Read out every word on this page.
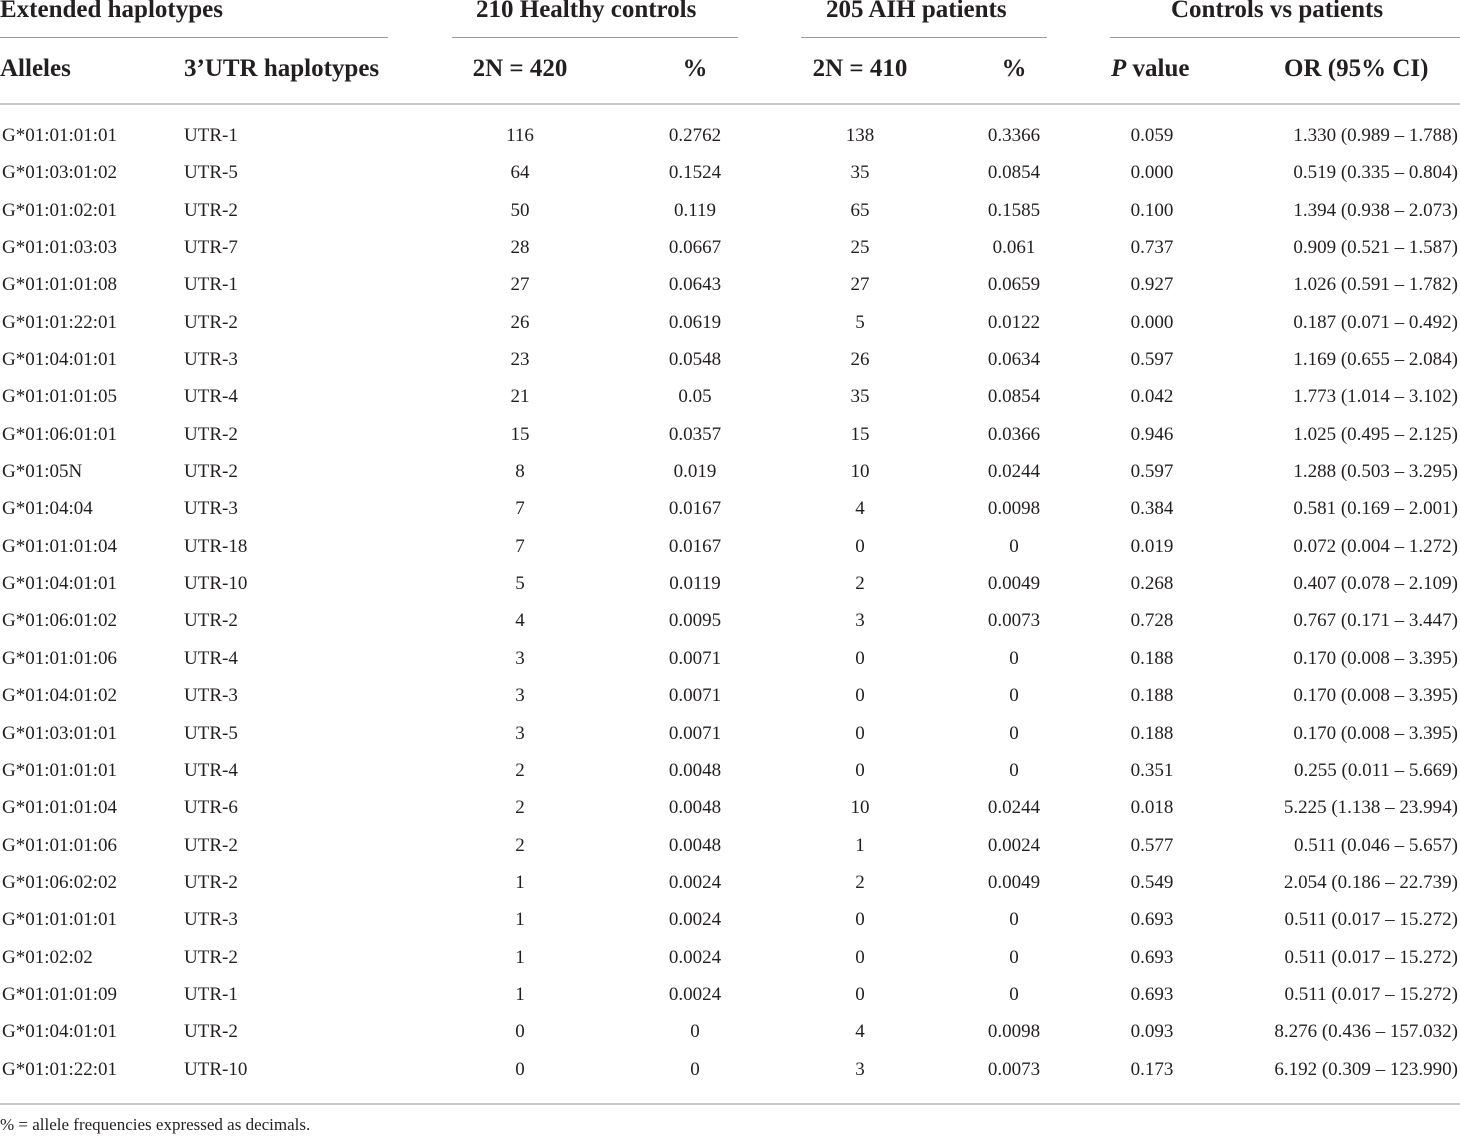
Extended haplotypes	210 Healthy controls	205 AIH patients	Controls vs patients
Alleles	3’UTR haplotypes	2N = 420	%	2N = 410	%	P value	OR (95% CI)
G*01:01:01:01	UTR-1	116	0.2762	138	0.3366	0.059	1.330 (0.989 – 1.788)
G*01:03:01:02	UTR-5	64	0.1524	35	0.0854	0.000	0.519 (0.335 – 0.804)
G*01:01:02:01	UTR-2	50	0.119	65	0.1585	0.100	1.394 (0.938 – 2.073)
G*01:01:03:03	UTR-7	28	0.0667	25	0.061	0.737	0.909 (0.521 – 1.587)
G*01:01:01:08	UTR-1	27	0.0643	27	0.0659	0.927	1.026 (0.591 – 1.782)
G*01:01:22:01	UTR-2	26	0.0619	5	0.0122	0.000	0.187 (0.071 – 0.492)
G*01:04:01:01	UTR-3	23	0.0548	26	0.0634	0.597	1.169 (0.655 – 2.084)
G*01:01:01:05	UTR-4	21	0.05	35	0.0854	0.042	1.773 (1.014 – 3.102)
G*01:06:01:01	UTR-2	15	0.0357	15	0.0366	0.946	1.025 (0.495 – 2.125)
G*01:05N	UTR-2	8	0.019	10	0.0244	0.597	1.288 (0.503 – 3.295)
G*01:04:04	UTR-3	7	0.0167	4	0.0098	0.384	0.581 (0.169 – 2.001)
G*01:01:01:04	UTR-18	7	0.0167	0	0	0.019	0.072 (0.004 – 1.272)
G*01:04:01:01	UTR-10	5	0.0119	2	0.0049	0.268	0.407 (0.078 – 2.109)
G*01:06:01:02	UTR-2	4	0.0095	3	0.0073	0.728	0.767 (0.171 – 3.447)
G*01:01:01:06	UTR-4	3	0.0071	0	0	0.188	0.170 (0.008 – 3.395)
G*01:04:01:02	UTR-3	3	0.0071	0	0	0.188	0.170 (0.008 – 3.395)
G*01:03:01:01	UTR-5	3	0.0071	0	0	0.188	0.170 (0.008 – 3.395)
G*01:01:01:01	UTR-4	2	0.0048	0	0	0.351	0.255 (0.011 – 5.669)
G*01:01:01:04	UTR-6	2	0.0048	10	0.0244	0.018	5.225 (1.138 – 23.994)
G*01:01:01:06	UTR-2	2	0.0048	1	0.0024	0.577	0.511 (0.046 – 5.657)
G*01:06:02:02	UTR-2	1	0.0024	2	0.0049	0.549	2.054 (0.186 – 22.739)
G*01:01:01:01	UTR-3	1	0.0024	0	0	0.693	0.511 (0.017 – 15.272)
G*01:02:02	UTR-2	1	0.0024	0	0	0.693	0.511 (0.017 – 15.272)
G*01:01:01:09	UTR-1	1	0.0024	0	0	0.693	0.511 (0.017 – 15.272)
G*01:04:01:01	UTR-2	0	0	4	0.0098	0.093	8.276 (0.436 – 157.032)
G*01:01:22:01	UTR-10	0	0	3	0.0073	0.173	6.192 (0.309 – 123.990)
% = allele frequencies expressed as decimals.
